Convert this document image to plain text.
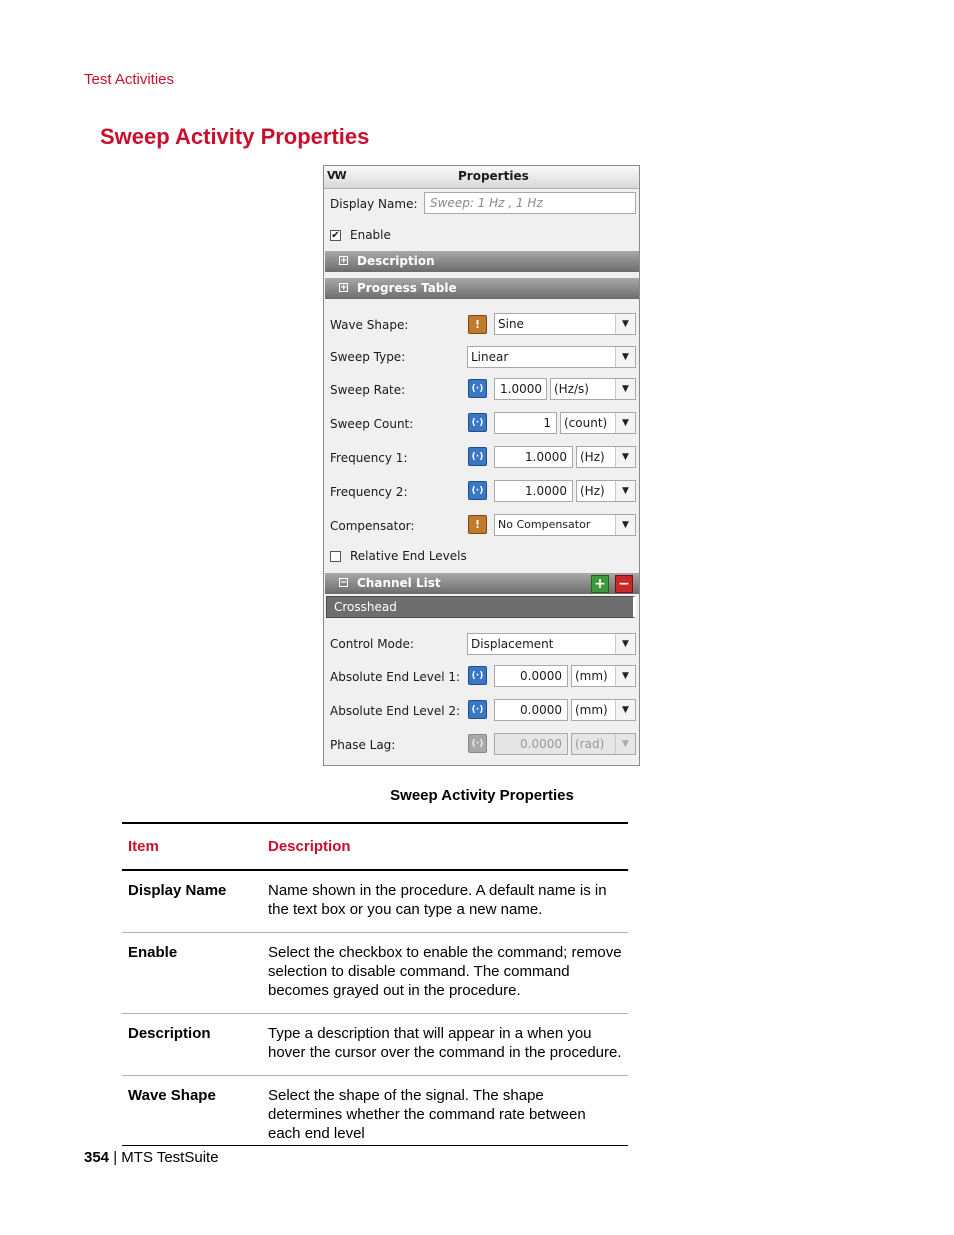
Test Activities
Sweep Activity Properties
VW	Properties
Display Name:	Sweep: 1 Hz , 1 Hz
✔ Enable
+ Description
+ Progress Table
Wave Shape:	!	Sine	▼
Sweep Type:	Linear	▼
Sweep Rate:	(·)	1.0000	(Hz/s)	▼
Sweep Count:	(·)	1	(count)	▼
Frequency 1:	(·)	1.0000	(Hz)	▼
Frequency 2:	(·)	1.0000	(Hz)	▼
Compensator:	!	No Compensator	▼
Relative End Levels
− Channel List	+ −
Crosshead
Control Mode:	Displacement	▼
Absolute End Level 1:	(·)	0.0000	(mm)	▼
Absolute End Level 2:	(·)	0.0000	(mm)	▼
Phase Lag:	(·)	0.0000	(rad)	▼
Sweep Activity Properties
Item	Description
Display Name	Name shown in the procedure. A default name is in the text box or you can type a new name.
Enable	Select the checkbox to enable the command; remove selection to disable command. The command becomes grayed out in the procedure.
Description	Type a description that will appear in a when you hover the cursor over the command in the procedure.
Wave Shape	Select the shape of the signal. The shape determines whether the command rate between each end level
354 | MTS TestSuite
